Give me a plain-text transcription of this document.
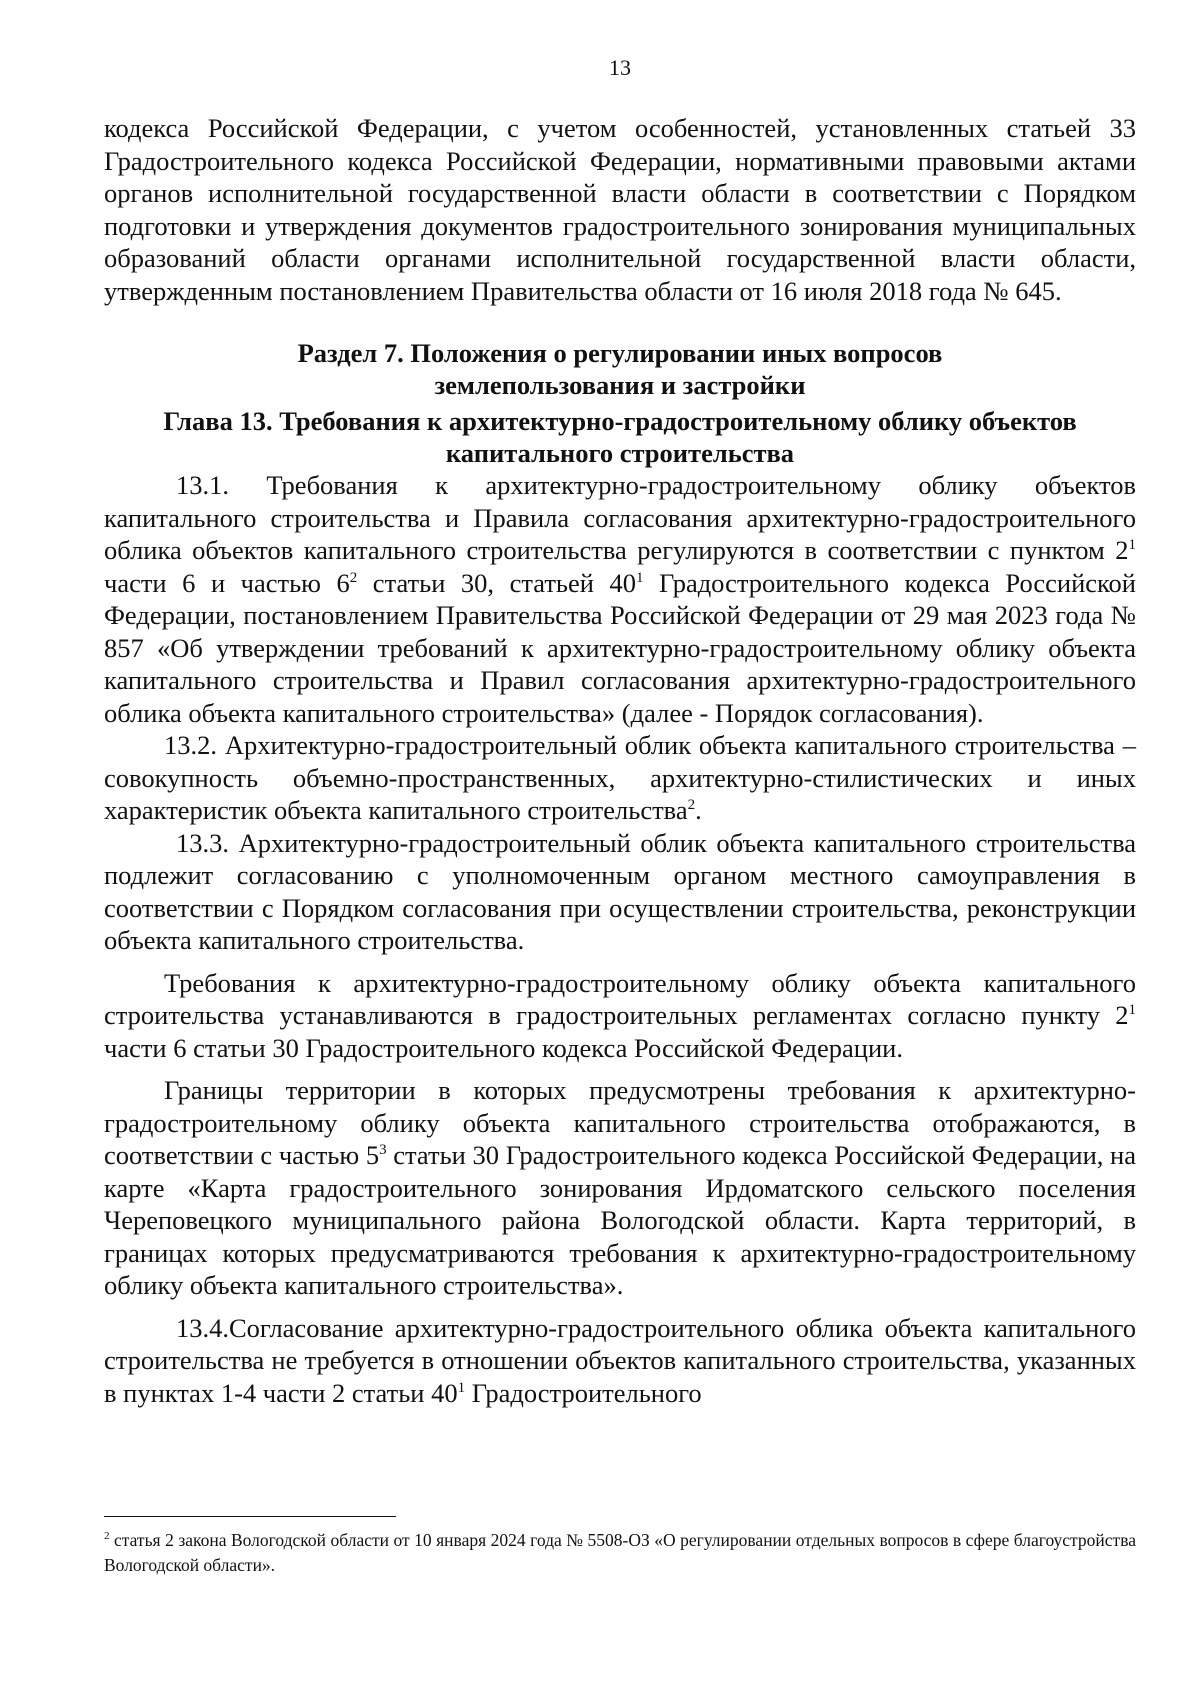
13

кодекса Российской Федерации, с учетом особенностей, установленных статьей 33 Градостроительного кодекса Российской Федерации, нормативными правовыми актами органов исполнительной государственной власти области в соответствии с Порядком подготовки и утверждения документов градостроительного зонирования муниципальных образований области органами исполнительной государственной власти области, утвержденным постановлением Правительства области от 16 июля 2018 года № 645.

Раздел 7. Положения о регулировании иных вопросов
землепользования и застройки

Глава 13. Требования к архитектурно-градостроительному облику объектов
капитального строительства

13.1. Требования к архитектурно-градостроительному облику объектов капитального строительства и Правила согласования архитектурно-градостроительного облика объектов капитального строительства регулируются в соответствии с пунктом $2^1$ части 6 и частью $6^2$ статьи 30, статьей $40^1$ Градостроительного кодекса Российской Федерации, постановлением Правительства Российской Федерации от 29 мая 2023 года № 857 «Об утверждении требований к архитектурно-градостроительному облику объекта капитального строительства и Правил согласования архитектурно-градостроительного облика объекта капитального строительства» (далее - Порядок согласования).

13.2. Архитектурно-градостроительный облик объекта капитального строительства – совокупность объемно-пространственных, архитектурно-стилистических и иных характеристик объекта капитального строительства$^2$.

13.3. Архитектурно-градостроительный облик объекта капитального строительства подлежит согласованию с уполномоченным органом местного самоуправления в соответствии с Порядком согласования при осуществлении строительства, реконструкции объекта капитального строительства.

Требования к архитектурно-градостроительному облику объекта капитального строительства устанавливаются в градостроительных регламентах согласно пункту $2^1$ части 6 статьи 30 Градостроительного кодекса Российской Федерации.

Границы территории в которых предусмотрены требования к архитектурно-градостроительному облику объекта капитального строительства отображаются, в соответствии с частью $5^3$ статьи 30 Градостроительного кодекса Российской Федерации, на карте «Карта градостроительного зонирования Ирдоматского сельского поселения Череповецкого муниципального района Вологодской области. Карта территорий, в границах которых предусматриваются требования к архитектурно-градостроительному облику объекта капитального строительства».

13.4.Согласование архитектурно-градостроительного облика объекта капитального строительства не требуется в отношении объектов капитального строительства, указанных в пунктах 1-4 части 2 статьи $40^1$ Градостроительного

$^2$ статья 2 закона Вологодской области от 10 января 2024 года № 5508-ОЗ «О регулировании отдельных вопросов в сфере благоустройства Вологодской области».
